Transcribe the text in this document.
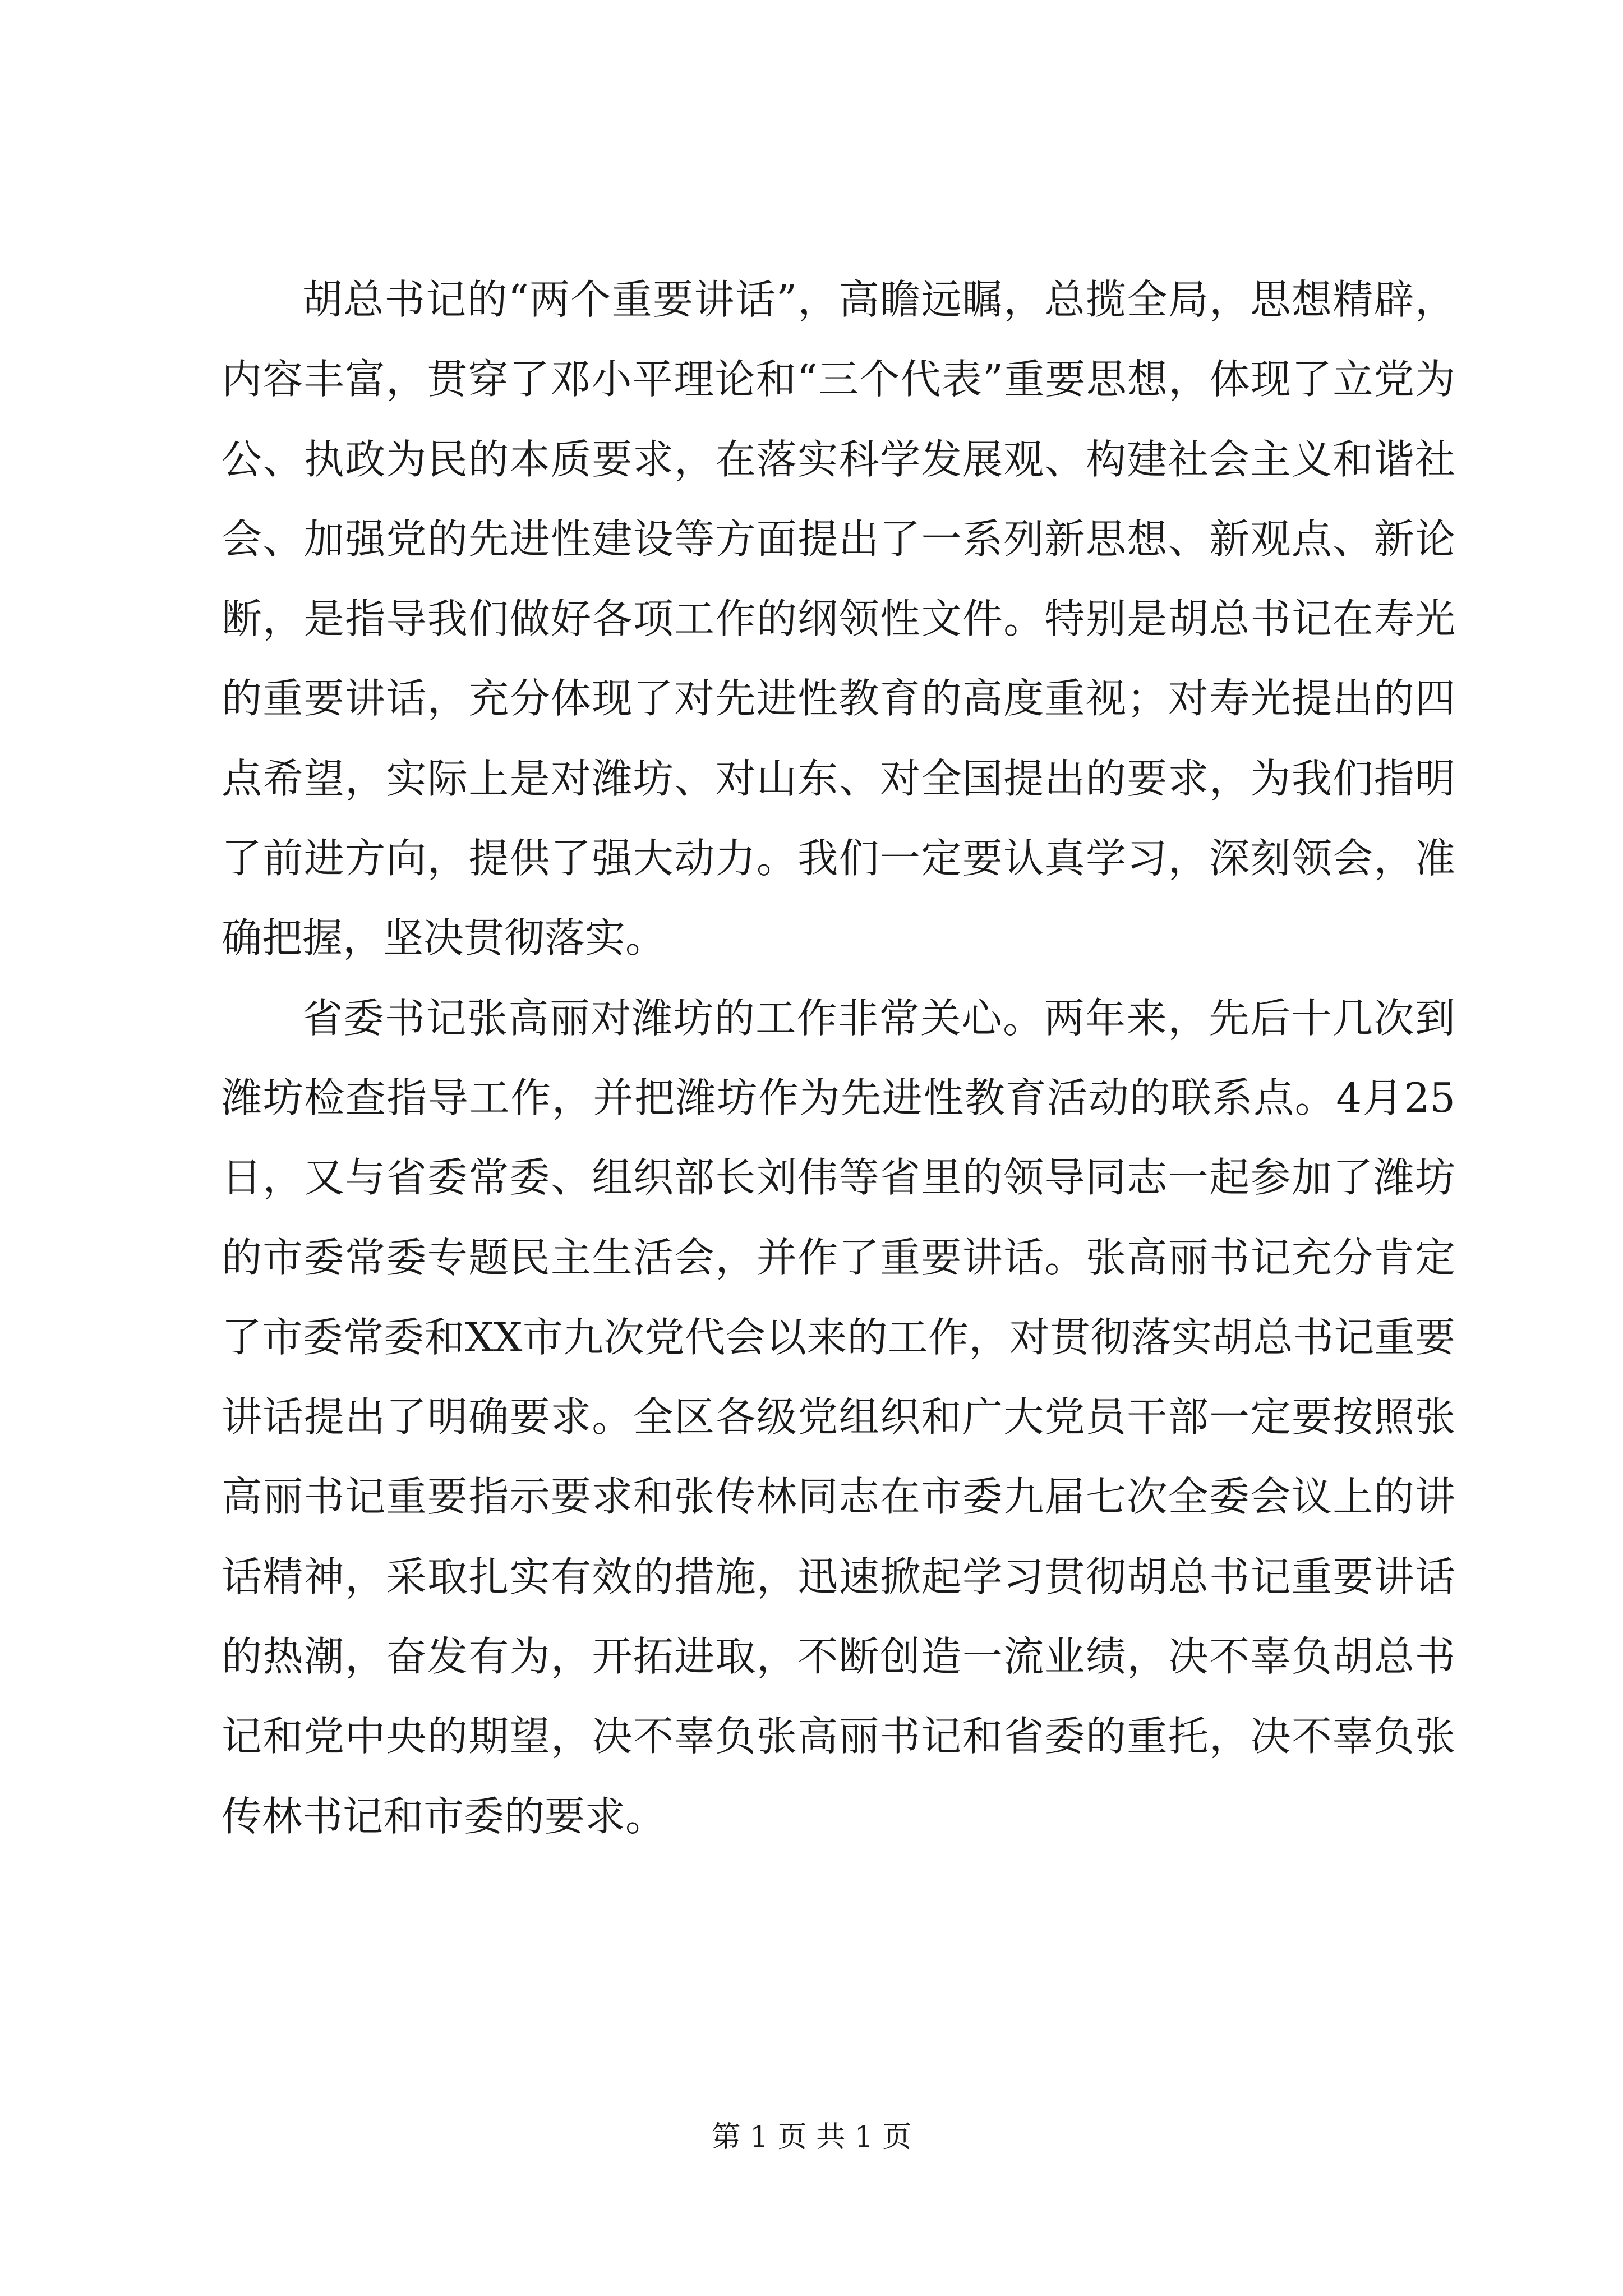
胡总书记的“两个重要讲话”，高瞻远瞩，总揽全局，思想精辟，内容丰富，贯穿了邓小平理论和“三个代表”重要思想，体现了立党为公、执政为民的本质要求，在落实科学发展观、构建社会主义和谐社会、加强党的先进性建设等方面提出了一系列新思想、新观点、新论断，是指导我们做好各项工作的纲领性文件。特别是胡总书记在寿光的重要讲话，充分体现了对先进性教育的高度重视；对寿光提出的四点希望，实际上是对潍坊、对山东、对全国提出的要求，为我们指明了前进方向，提供了强大动力。我们一定要认真学习，深刻领会，准确把握，坚决贯彻落实。

省委书记张高丽对潍坊的工作非常关心。两年来，先后十几次到潍坊检查指导工作，并把潍坊作为先进性教育活动的联系点。4月25日，又与省委常委、组织部长刘伟等省里的领导同志一起参加了潍坊的市委常委专题民主生活会，并作了重要讲话。张高丽书记充分肯定了市委常委和XX市九次党代会以来的工作，对贯彻落实胡总书记重要讲话提出了明确要求。全区各级党组织和广大党员干部一定要按照张高丽书记重要指示要求和张传林同志在市委九届七次全委会议上的讲话精神，采取扎实有效的措施，迅速掀起学习贯彻胡总书记重要讲话的热潮，奋发有为，开拓进取，不断创造一流业绩，决不辜负胡总书记和党中央的期望，决不辜负张高丽书记和省委的重托，决不辜负张传林书记和市委的要求。

第 1 页 共 1 页
